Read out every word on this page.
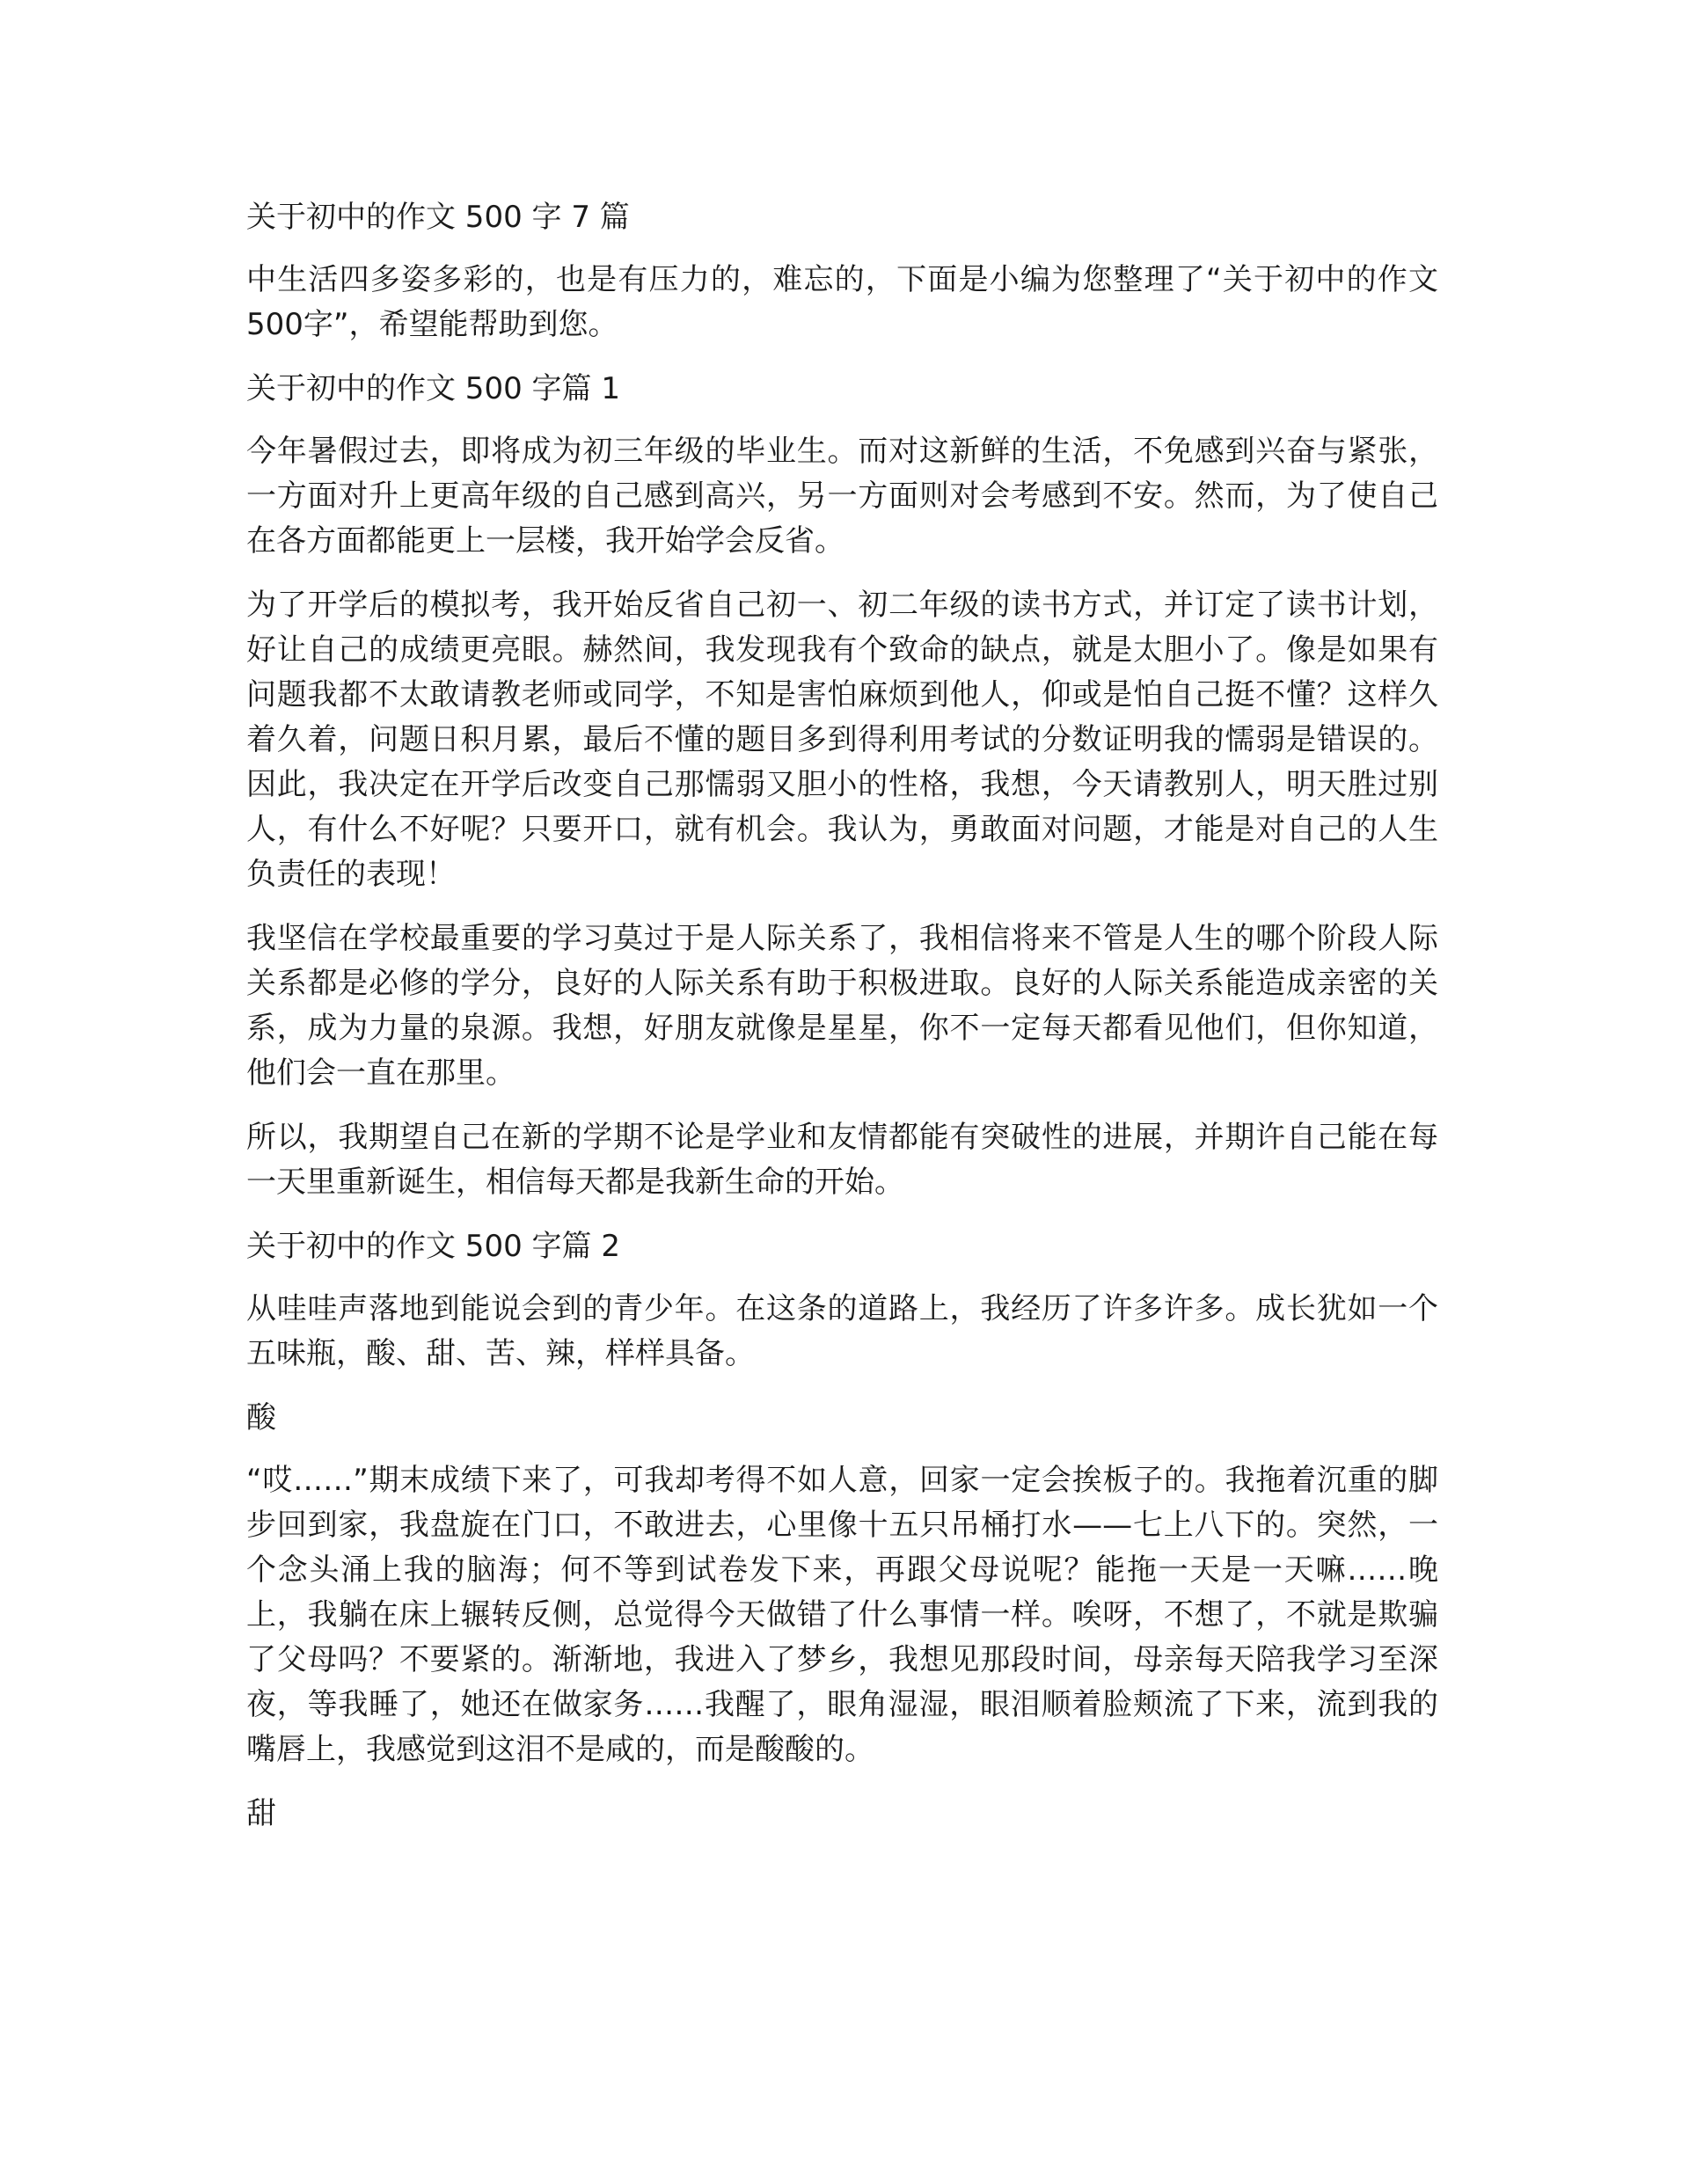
关于初中的作文 500 字 7 篇

中生活四多姿多彩的，也是有压力的，难忘的，下面是小编为您整理了“关于初中的作文 500字”，希望能帮助到您。

关于初中的作文 500 字篇 1

今年暑假过去，即将成为初三年级的毕业生。而对这新鲜的生活，不免感到兴奋与紧张，一方面对升上更高年级的自己感到高兴，另一方面则对会考感到不安。然而，为了使自己在各方面都能更上一层楼，我开始学会反省。

为了开学后的模拟考，我开始反省自己初一、初二年级的读书方式，并订定了读书计划，好让自己的成绩更亮眼。赫然间，我发现我有个致命的缺点，就是太胆小了。像是如果有问题我都不太敢请教老师或同学，不知是害怕麻烦到他人，仰或是怕自己挺不懂？这样久着久着，问题日积月累，最后不懂的题目多到得利用考试的分数证明我的懦弱是错误的。因此，我决定在开学后改变自己那懦弱又胆小的性格，我想，今天请教别人，明天胜过别人，有什么不好呢？只要开口，就有机会。我认为，勇敢面对问题，才能是对自己的人生负责任的表现！

我坚信在学校最重要的学习莫过于是人际关系了，我相信将来不管是人生的哪个阶段人际关系都是必修的学分，良好的人际关系有助于积极进取。良好的人际关系能造成亲密的关系，成为力量的泉源。我想，好朋友就像是星星，你不一定每天都看见他们，但你知道，他们会一直在那里。

所以，我期望自己在新的学期不论是学业和友情都能有突破性的进展，并期许自己能在每一天里重新诞生，相信每天都是我新生命的开始。

关于初中的作文 500 字篇 2

从哇哇声落地到能说会到的青少年。在这条的道路上，我经历了许多许多。成长犹如一个五味瓶，酸、甜、苦、辣，样样具备。

酸

“哎……”期末成绩下来了，可我却考得不如人意，回家一定会挨板子的。我拖着沉重的脚步回到家，我盘旋在门口，不敢进去，心里像十五只吊桶打水——七上八下的。突然，一个念头涌上我的脑海；何不等到试卷发下来，再跟父母说呢？能拖一天是一天嘛……晚上，我躺在床上辗转反侧，总觉得今天做错了什么事情一样。唉呀，不想了，不就是欺骗了父母吗？不要紧的。渐渐地，我进入了梦乡，我想见那段时间，母亲每天陪我学习至深夜，等我睡了，她还在做家务……我醒了，眼角湿湿，眼泪顺着脸颊流了下来，流到我的嘴唇上，我感觉到这泪不是咸的，而是酸酸的。

甜
